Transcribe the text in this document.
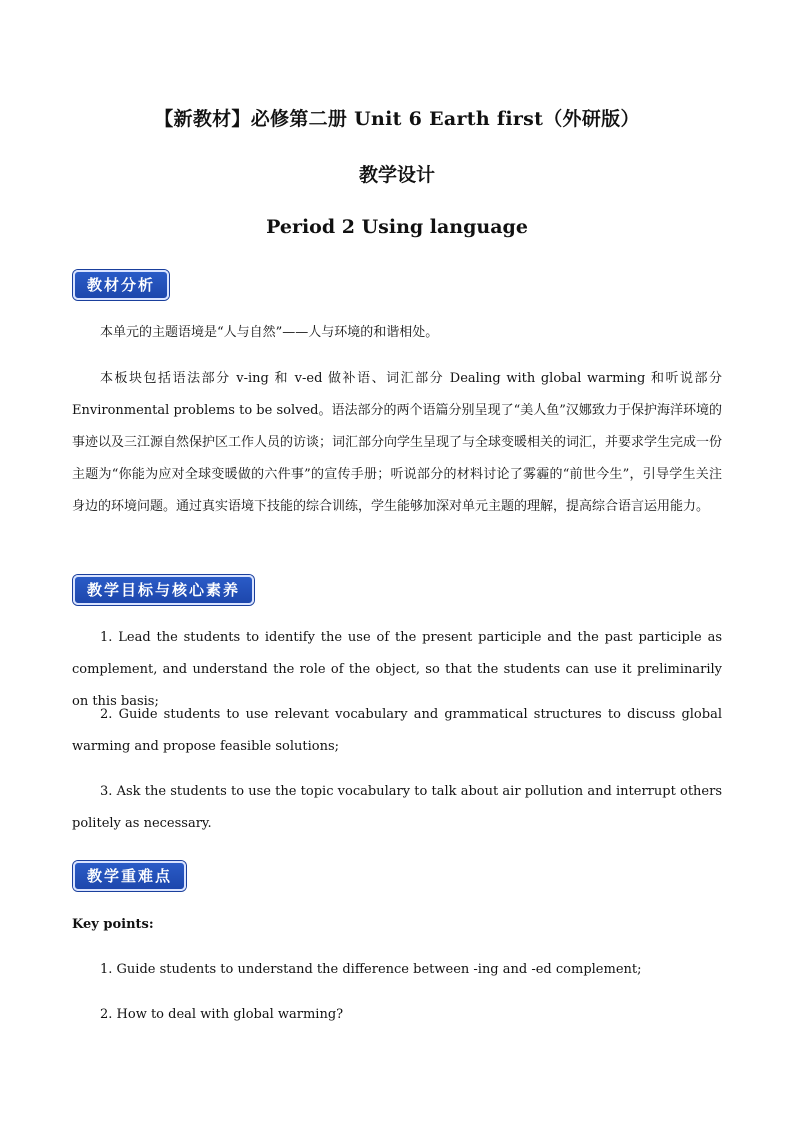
【新教材】必修第二册 Unit 6 Earth first（外研版）
教学设计
Period 2 Using language
教材分析
本单元的主题语境是“人与自然”——人与环境的和谐相处。
本板块包括语法部分 v-ing 和 v-ed 做补语、词汇部分 Dealing with global warming 和听说部分 Environmental problems to be solved。语法部分的两个语篇分别呈现了“美人鱼”汉娜致力于保护海洋环境的事迹以及三江源自然保护区工作人员的访谈；词汇部分向学生呈现了与全球变暖相关的词汇，并要求学生完成一份主题为“你能为应对全球变暖做的六件事”的宣传手册；听说部分的材料讨论了雾霾的“前世今生”，引导学生关注身边的环境问题。通过真实语境下技能的综合训练，学生能够加深对单元主题的理解，提高综合语言运用能力。
教学目标与核心素养
1. Lead the students to identify the use of the present participle and the past participle as complement, and understand the role of the object, so that the students can use it preliminarily on this basis;
2. Guide students to use relevant vocabulary and grammatical structures to discuss global warming and propose feasible solutions;
3. Ask the students to use the topic vocabulary to talk about air pollution and interrupt others politely as necessary.
教学重难点
Key points:
1. Guide students to understand the difference between -ing and -ed complement;
2. How to deal with global warming?
